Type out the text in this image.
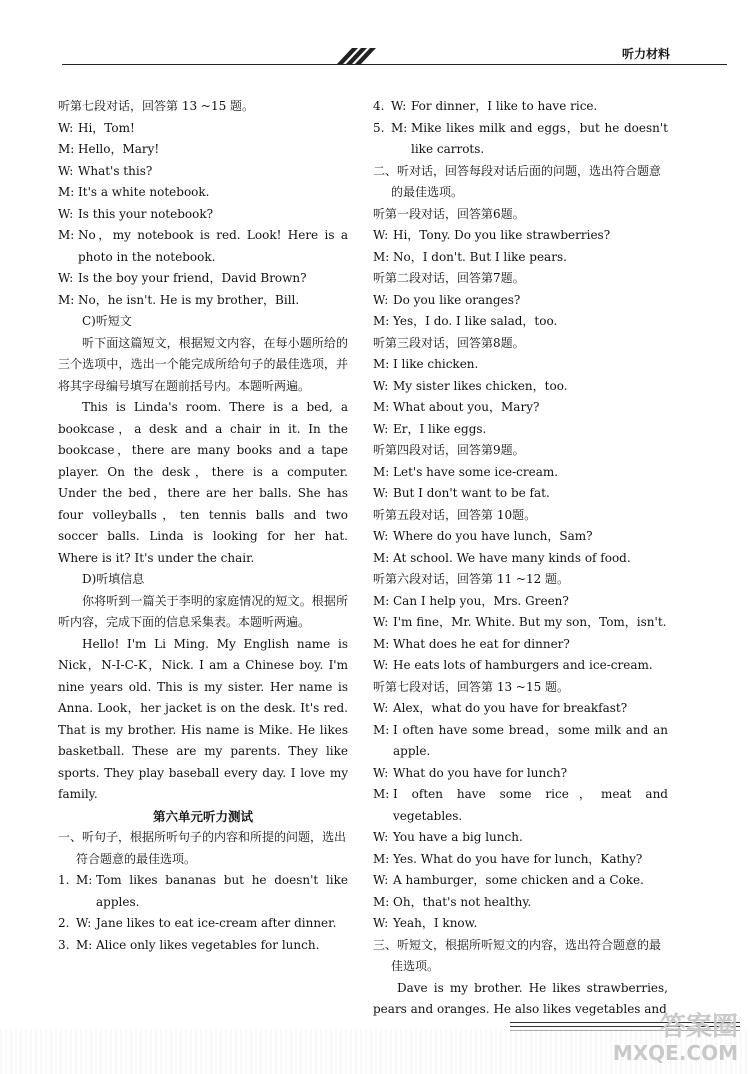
听力材料

听第七段对话，回答第 13 ~15 题。

W: Hi，Tom!
M: Hello，Mary!
W: What's this?
M: It's a white notebook.
W: Is this your notebook?
M: No，my notebook is red. Look! Here is a photo in the notebook.
W: Is the boy your friend，David Brown?
M: No，he isn't. He is my brother，Bill.

C)听短文

听下面这篇短文，根据短文内容，在每小题所给的三个选项中，选出一个能完成所给句子的最佳选项，并将其字母编号填写在题前括号内。本题听两遍。

This is Linda's room. There is a bed, a bookcase，a desk and a chair in it. In the bookcase，there are many books and a tape player. On the desk，there is a computer. Under the bed，there are her balls. She has four volleyballs，ten tennis balls and two soccer balls. Linda is looking for her hat. Where is it? It's under the chair.

D)听填信息

你将听到一篇关于李明的家庭情况的短文。根据所听内容，完成下面的信息采集表。本题听两遍。

Hello! I'm Li Ming. My English name is Nick，N-I-C-K，Nick. I am a Chinese boy. I'm nine years old. This is my sister. Her name is Anna. Look，her jacket is on the desk. It's red. That is my brother. His name is Mike. He likes basketball. These are my parents. They like sports. They play baseball every day. I love my family.

第六单元听力测试

一、听句子，根据所听句子的内容和所提的问题，选出符合题意的最佳选项。

1. M: Tom likes bananas but he doesn't like apples.
2. W: Jane likes to eat ice-cream after dinner.
3. M: Alice only likes vegetables for lunch.
4. W: For dinner，I like to have rice.
5. M: Mike likes milk and eggs，but he doesn't like carrots.

二、听对话，回答每段对话后面的问题，选出符合题意的最佳选项。

听第一段对话，回答第6题。

W: Hi，Tony. Do you like strawberries?
M: No，I don't. But I like pears.

听第二段对话，回答第7题。

W: Do you like oranges?
M: Yes，I do. I like salad，too.

听第三段对话，回答第8题。

M: I like chicken.
W: My sister likes chicken，too.
M: What about you，Mary?
W: Er，I like eggs.

听第四段对话，回答第9题。

M: Let's have some ice-cream.
W: But I don't want to be fat.

听第五段对话，回答第 10题。

W: Where do you have lunch，Sam?
M: At school. We have many kinds of food.

听第六段对话，回答第 11 ~12 题。

M: Can I help you，Mrs. Green?
W: I'm fine，Mr. White. But my son，Tom，isn't.
M: What does he eat for dinner?
W: He eats lots of hamburgers and ice-cream.

听第七段对话，回答第 13 ~15 题。

W: Alex，what do you have for breakfast?
M: I often have some bread，some milk and an apple.
W: What do you have for lunch?
M: I often have some rice，meat and vegetables.
W: You have a big lunch.
M: Yes. What do you have for lunch，Kathy?
W: A hamburger，some chicken and a Coke.
M: Oh，that's not healthy.
W: Yeah，I know.

三、听短文，根据所听短文的内容，选出符合题意的最佳选项。

Dave is my brother. He likes strawberries, pears and oranges. He also likes vegetables and

答案圈
MXQE.COM
